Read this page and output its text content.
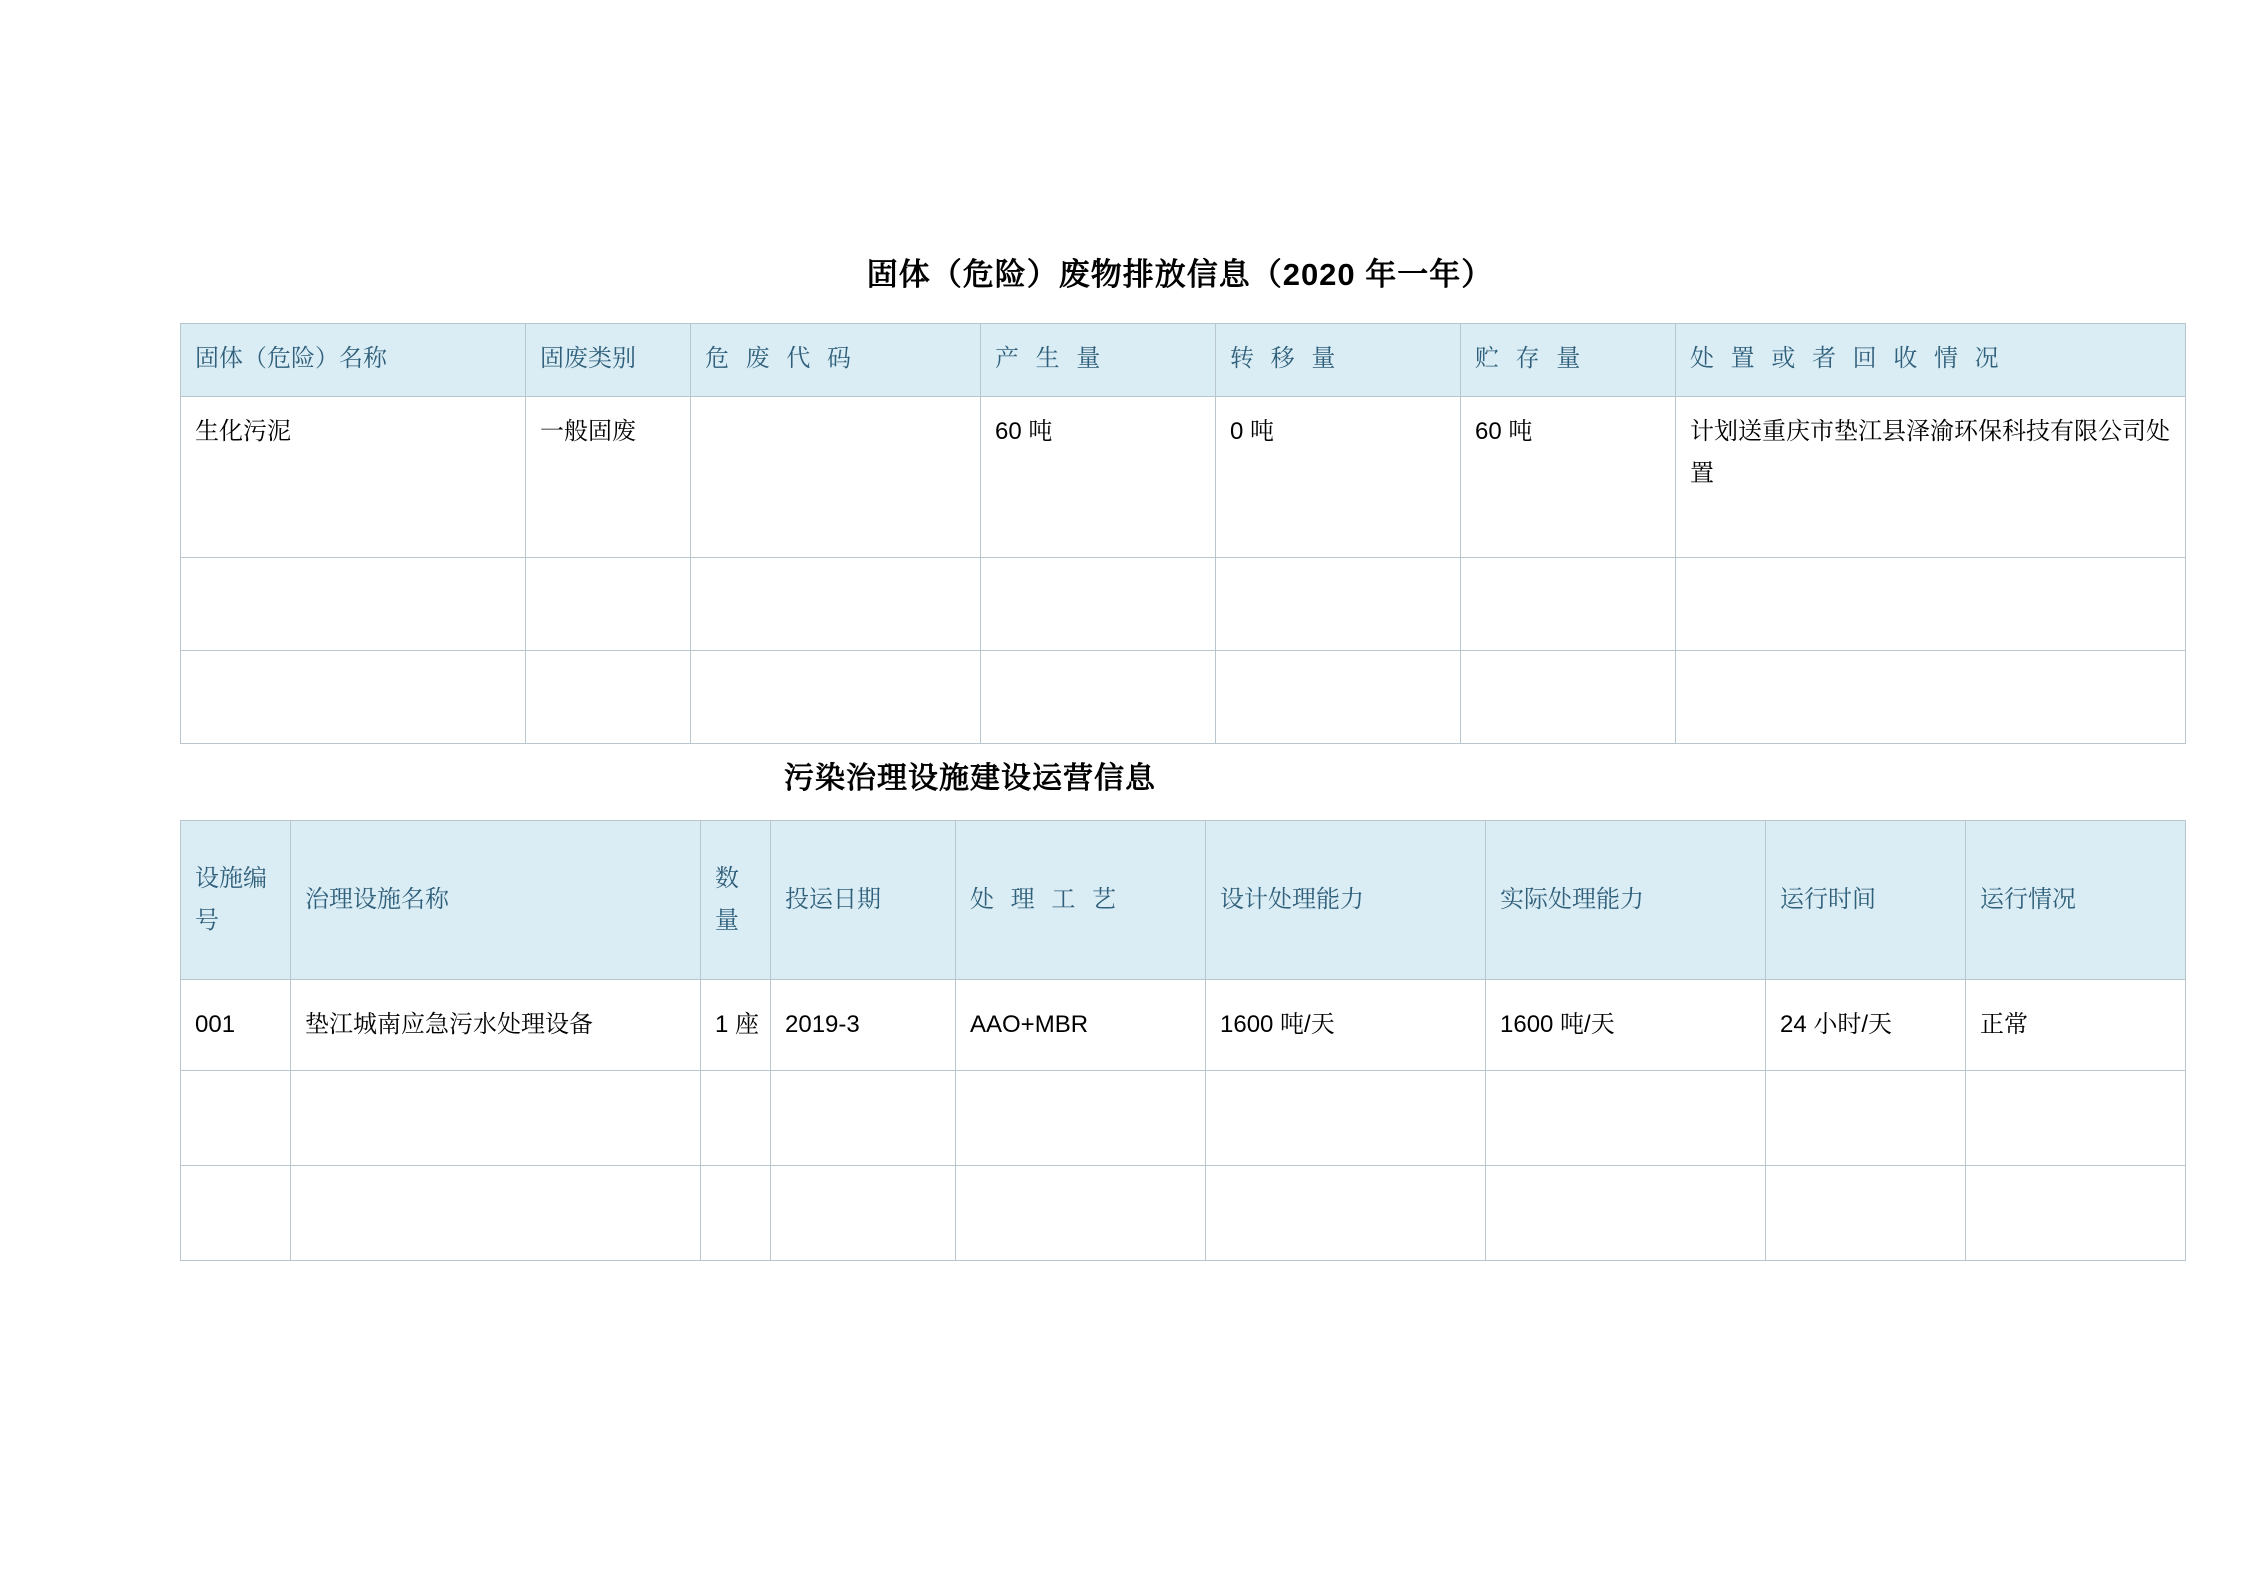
固体（危险）废物排放信息（2020 年一年）
固体（危险）名称	固废类别	危 废 代 码	产 生 量	转 移 量	贮 存 量	处 置 或 者 回 收 情 况
生化污泥	一般固废		60 吨	0 吨	60 吨	计划送重庆市垫江县泽渝环保科技有限公司处置

污染治理设施建设运营信息
设施编号	治理设施名称	数量	投运日期	处 理 工 艺	设计处理能力	实际处理能力	运行时间	运行情况
001	垫江城南应急污水处理设备	1 座	2019-3	AAO+MBR	1600 吨/天	1600 吨/天	24 小时/天	正常
